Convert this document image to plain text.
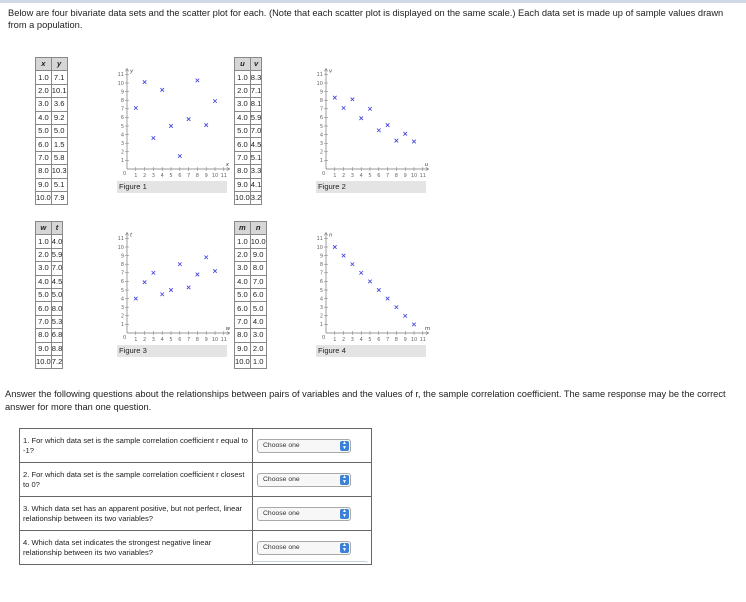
Below are four bivariate data sets and the scatter plot for each. (Note that each scatter plot is displayed on the same scale.) Each data set is made up of sample values drawn from a population.
x	y
1.0	7.1
2.0	10.1
3.0	3.6
4.0	9.2
5.0	5.0
6.0	1.5
7.0	5.8
8.0	10.3
9.0	5.1
10.0	7.9
1 2 3 4 5 6 7 8 9 10 11
1
2
3
4
5
6
7
8
9
10
11
0
x
y
Figure 1
u	v
1.0	8.3
2.0	7.1
3.0	8.1
4.0	5.9
5.0	7.0
6.0	4.5
7.0	5.1
8.0	3.3
9.0	4.1
10.0	3.2
1 2 3 4 5 6 7 8 9 10 11
1
2
3
4
5
6
7
8
9
10
11
0
u
v
Figure 2
w	t
1.0	4.0
2.0	5.9
3.0	7.0
4.0	4.5
5.0	5.0
6.0	8.0
7.0	5.3
8.0	6.8
9.0	8.8
10.0	7.2
1 2 3 4 5 6 7 8 9 10 11
1
2
3
4
5
6
7
8
9
10
11
0
w
t
Figure 3
m	n
1.0	10.0
2.0	9.0
3.0	8.0
4.0	7.0
5.0	6.0
6.0	5.0
7.0	4.0
8.0	3.0
9.0	2.0
10.0	1.0
1 2 3 4 5 6 7 8 9 10 11
1
2
3
4
5
6
7
8
9
10
11
0
m
n
Figure 4
Answer the following questions about the relationships between pairs of variables and the values of r, the sample correlation coefficient. The same response may be the correct answer for more than one question.
1. For which data set is the sample correlation coefficient r equal to -1?	Choose one ▲
▼

2. For which data set is the sample correlation coefficient r closest to 0?	Choose one ▲
▼

3. Which data set has an apparent positive, but not perfect, linear relationship between its two variables?	Choose one ▲
▼

4. Which data set indicates the strongest negative linear relationship between its two variables?	Choose one ▲
▼
